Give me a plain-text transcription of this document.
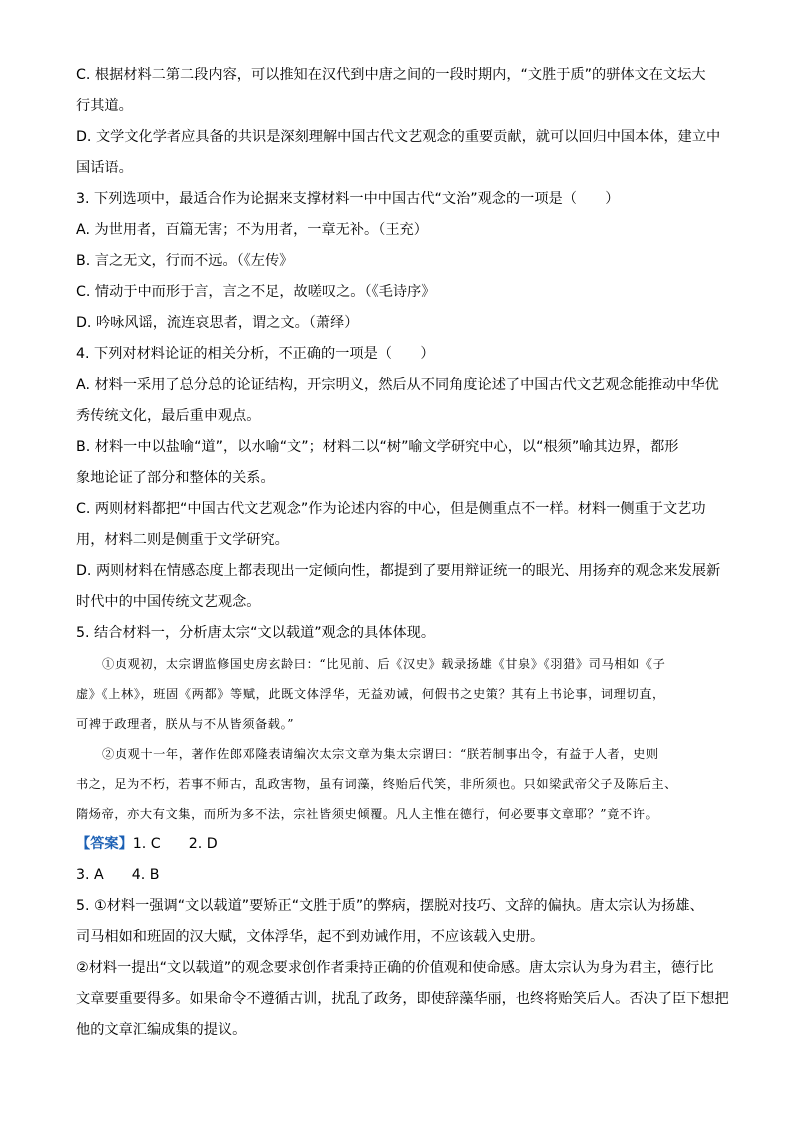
C. 根据材料二第二段内容，可以推知在汉代到中唐之间的一段时期内，“文胜于质”的骈体文在文坛大
行其道。
D. 文学文化学者应具备的共识是深刻理解中国古代文艺观念的重要贡献，就可以回归中国本体，建立中
国话语。
3. 下列选项中，最适合作为论据来支撑材料一中中国古代“文治”观念的一项是（　　）
A. 为世用者，百篇无害；不为用者，一章无补。（王充）
B. 言之无文，行而不远。（《左传》
C. 情动于中而形于言，言之不足，故嗟叹之。（《毛诗序》
D. 吟咏风谣，流连哀思者，谓之文。（萧绎）
4. 下列对材料论证的相关分析，不正确的一项是（　　）
A. 材料一采用了总分总的论证结构，开宗明义，然后从不同角度论述了中国古代文艺观念能推动中华优
秀传统文化，最后重申观点。
B. 材料一中以盐喻“道”，以水喻“文”；材料二以“树”喻文学研究中心，以“根须”喻其边界，都形
象地论证了部分和整体的关系。
C. 两则材料都把“中国古代文艺观念”作为论述内容的中心，但是侧重点不一样。材料一侧重于文艺功
用，材料二则是侧重于文学研究。
D. 两则材料在情感态度上都表现出一定倾向性，都提到了要用辩证统一的眼光、用扬弃的观念来发展新
时代中的中国传统文艺观念。
5. 结合材料一，分析唐太宗“文以载道”观念的具体体现。
①贞观初，太宗谓监修国史房玄龄曰：“比见前、后《汉史》载录扬雄《甘泉》《羽猎》司马相如《子
虚》《上林》，班固《两都》等赋，此既文体浮华，无益劝诫，何假书之史策？其有上书论事，词理切直，
可裨于政理者，朕从与不从皆须备载。”
②贞观十一年，著作佐郎邓隆表请编次太宗文章为集太宗谓曰：“朕若制事出令，有益于人者，史则
书之，足为不朽，若事不师古，乱政害物，虽有词藻，终贻后代笑，非所须也。只如梁武帝父子及陈后主、
隋炀帝，亦大有文集，而所为多不法，宗社皆须史倾覆。凡人主惟在德行，何必要事文章耶？”竟不许。
【答案】1. C 2. D
3. A 4. B
5. ①材料一强调“文以载道”要矫正“文胜于质”的弊病，摆脱对技巧、文辞的偏执。唐太宗认为扬雄、
司马相如和班固的汉大赋，文体浮华，起不到劝诫作用，不应该载入史册。
②材料一提出“文以载道”的观念要求创作者秉持正确的价值观和使命感。唐太宗认为身为君主，德行比
文章要重要得多。如果命令不遵循古训，扰乱了政务，即使辞藻华丽，也终将贻笑后人。否决了臣下想把
他的文章汇编成集的提议。
